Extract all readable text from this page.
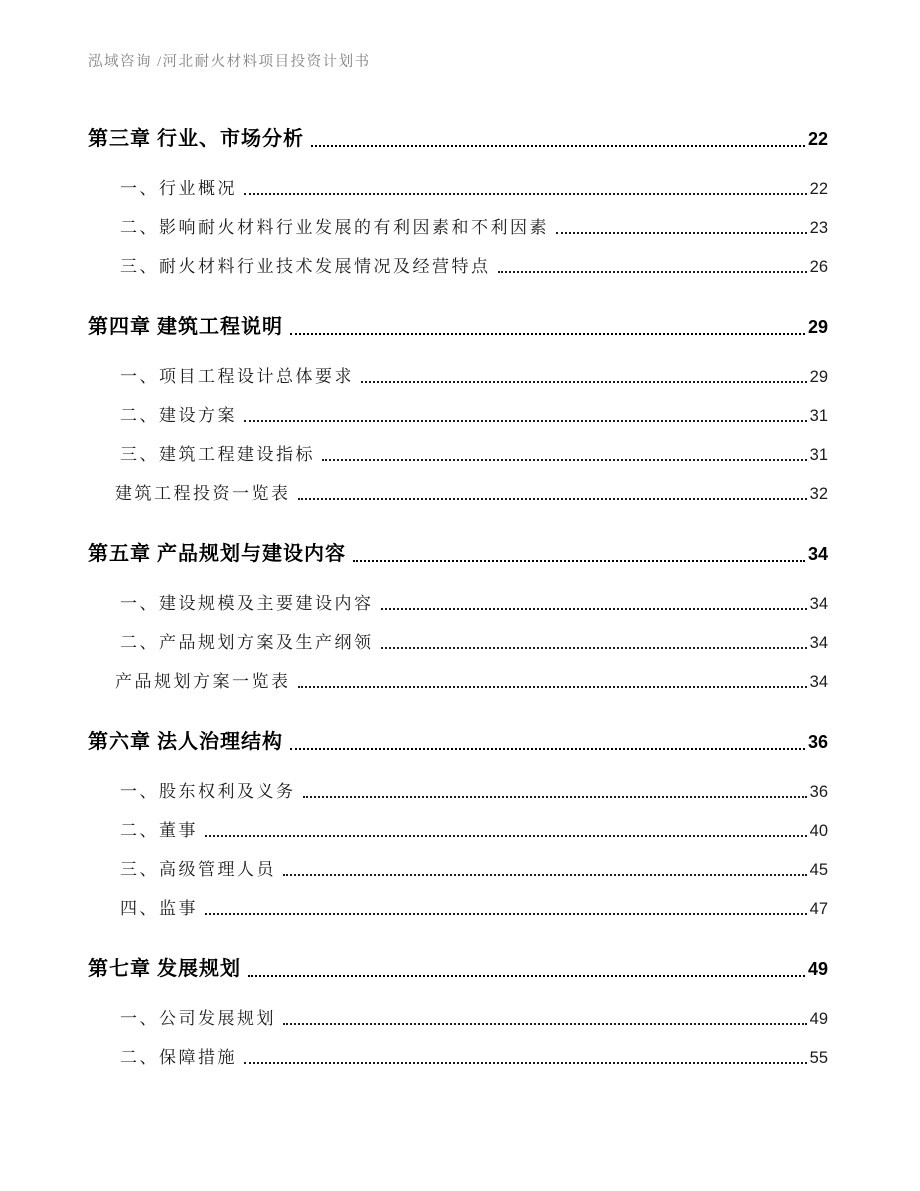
泓域咨询 /河北耐火材料项目投资计划书
第三章 行业、市场分析	22
一、行业概况	22
二、影响耐火材料行业发展的有利因素和不利因素	23
三、耐火材料行业技术发展情况及经营特点	26
第四章 建筑工程说明	29
一、项目工程设计总体要求	29
二、建设方案	31
三、建筑工程建设指标	31
建筑工程投资一览表	32
第五章 产品规划与建设内容	34
一、建设规模及主要建设内容	34
二、产品规划方案及生产纲领	34
产品规划方案一览表	34
第六章 法人治理结构	36
一、股东权利及义务	36
二、董事	40
三、高级管理人员	45
四、监事	47
第七章 发展规划	49
一、公司发展规划	49
二、保障措施	55
